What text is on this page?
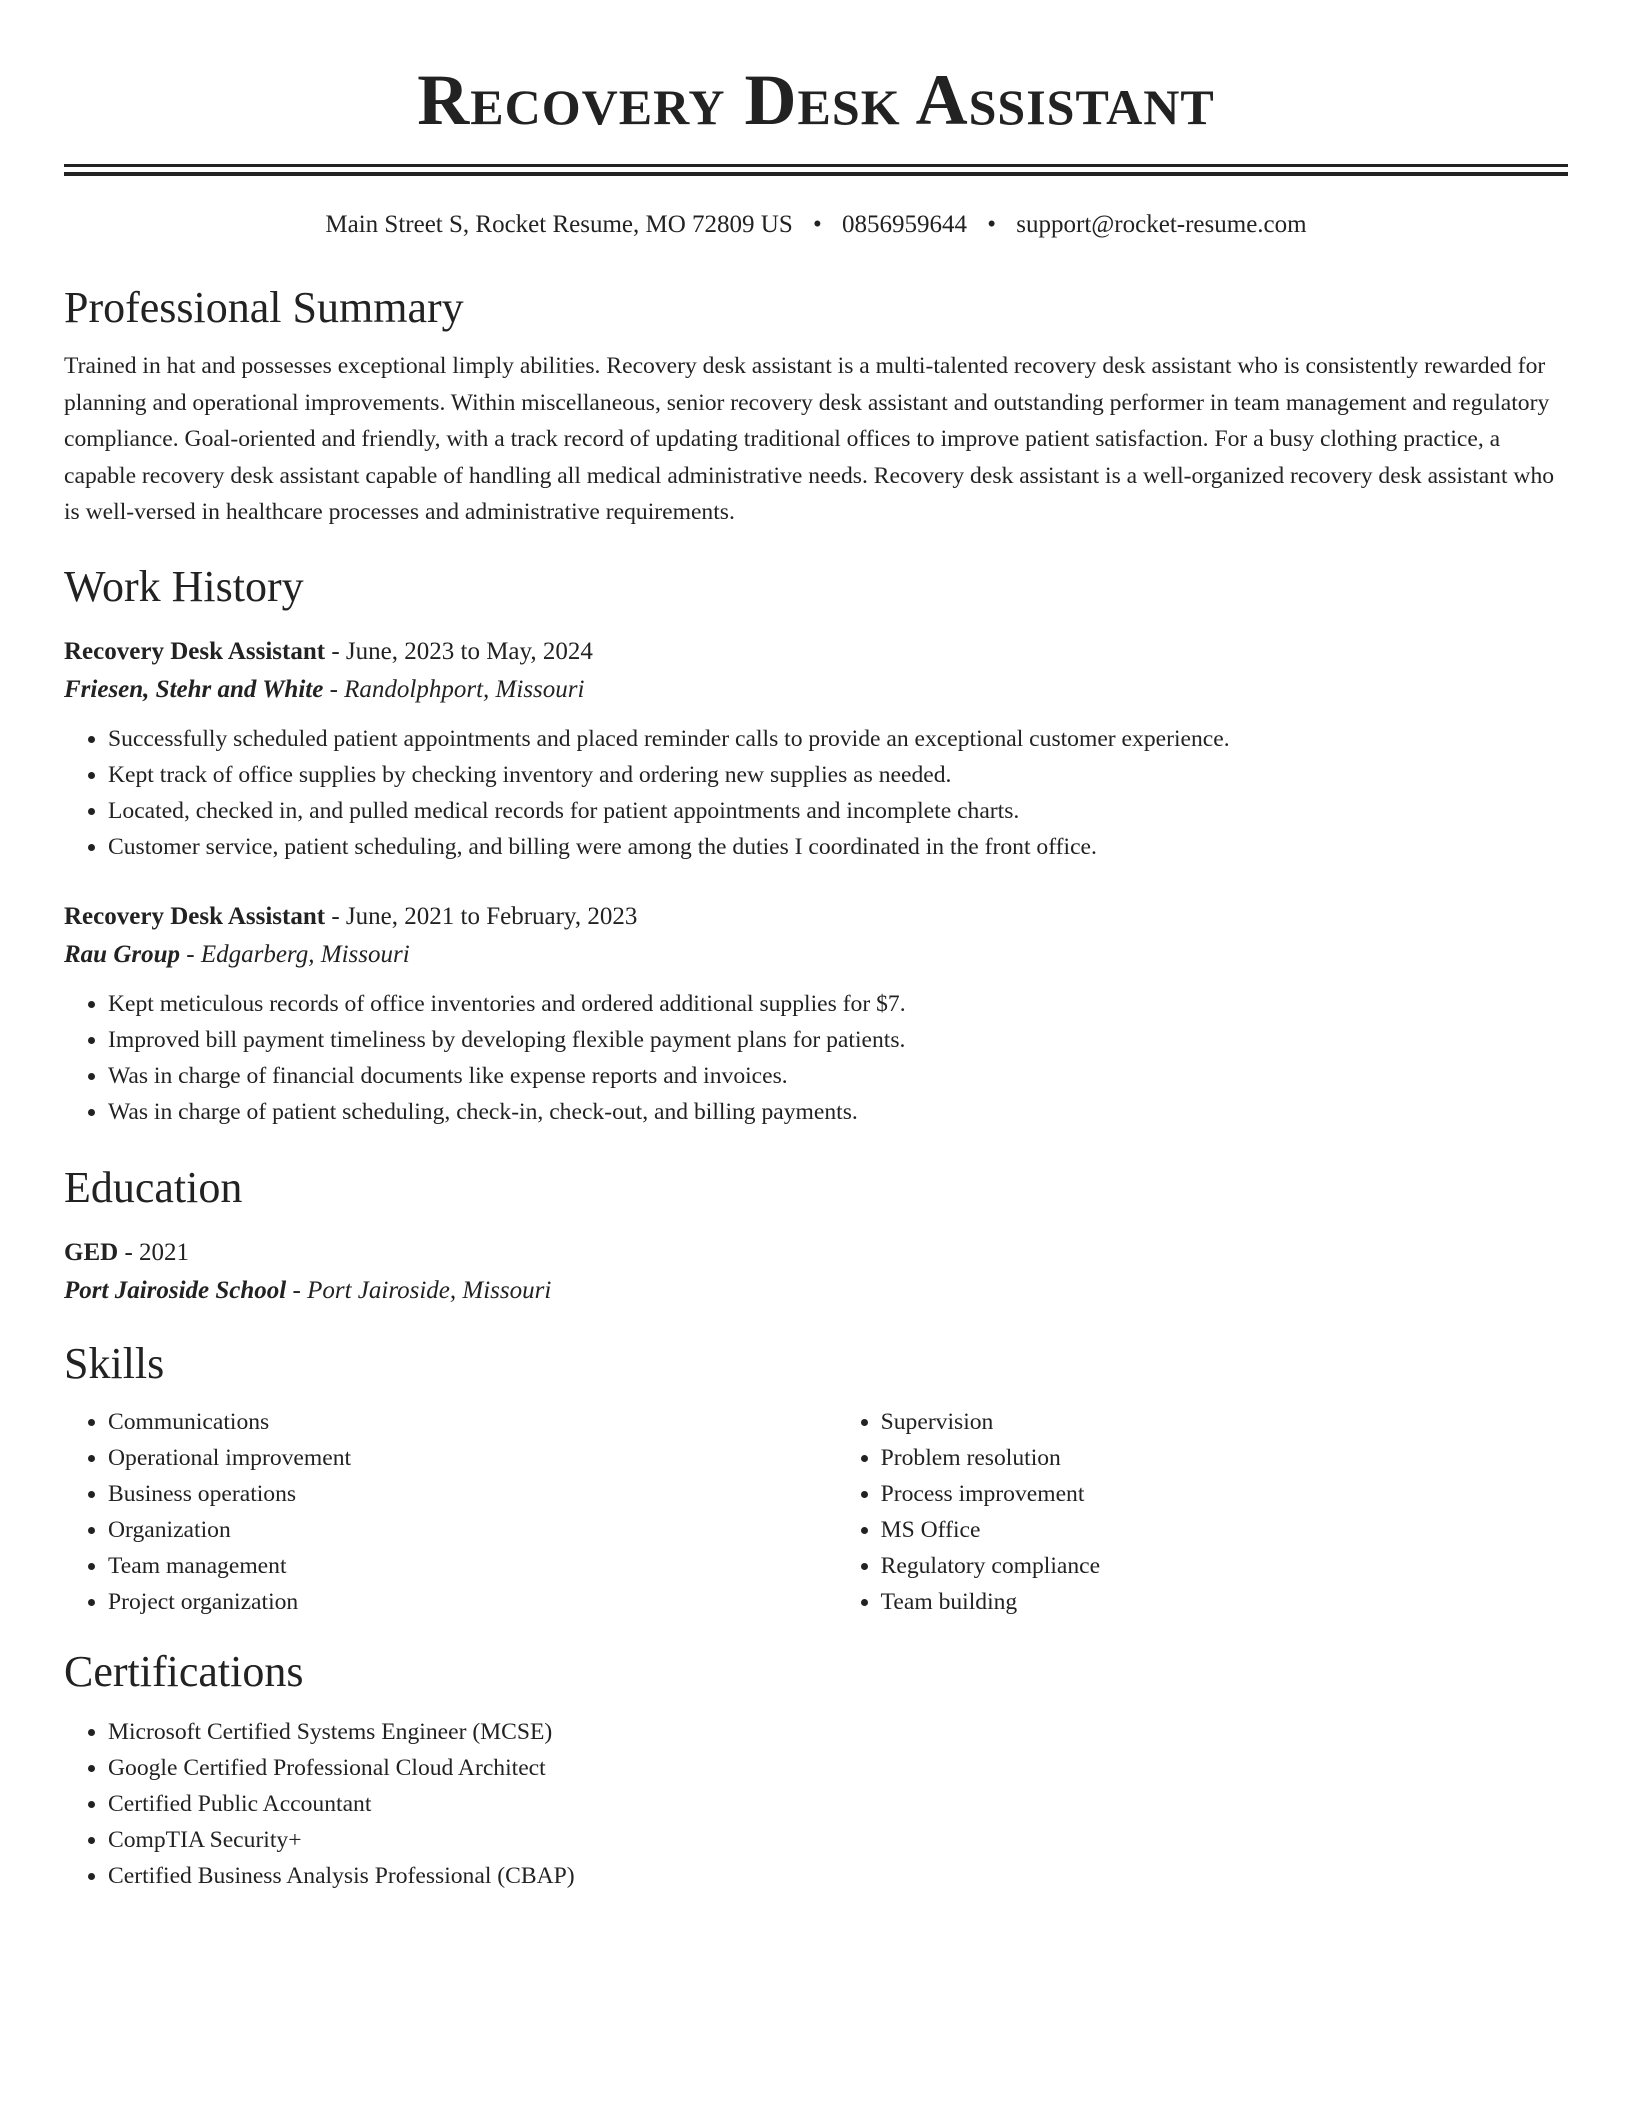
Recovery Desk Assistant
Main Street S, Rocket Resume, MO 72809 US • 0856959644 • support@rocket-resume.com
Professional Summary

Trained in hat and possesses exceptional limply abilities. Recovery desk assistant is a multi-talented recovery desk assistant who is consistently rewarded for planning and operational improvements. Within miscellaneous, senior recovery desk assistant and outstanding performer in team management and regulatory compliance. Goal-oriented and friendly, with a track record of updating traditional offices to improve patient satisfaction. For a busy clothing practice, a capable recovery desk assistant capable of handling all medical administrative needs. Recovery desk assistant is a well-organized recovery desk assistant who is well-versed in healthcare processes and administrative requirements.

Work History
Recovery Desk Assistant - June, 2023 to May, 2024
Friesen, Stehr and White - Randolphport, Missouri
• Successfully scheduled patient appointments and placed reminder calls to provide an exceptional customer experience.
• Kept track of office supplies by checking inventory and ordering new supplies as needed.
• Located, checked in, and pulled medical records for patient appointments and incomplete charts.
• Customer service, patient scheduling, and billing were among the duties I coordinated in the front office.
Recovery Desk Assistant - June, 2021 to February, 2023
Rau Group - Edgarberg, Missouri
• Kept meticulous records of office inventories and ordered additional supplies for $7.
• Improved bill payment timeliness by developing flexible payment plans for patients.
• Was in charge of financial documents like expense reports and invoices.
• Was in charge of patient scheduling, check-in, check-out, and billing payments.
Education
GED - 2021
Port Jairoside School - Port Jairoside, Missouri
Skills
• Communications
• Operational improvement
• Business operations
• Organization
• Team management
• Project organization
• Supervision
• Problem resolution
• Process improvement
• MS Office
• Regulatory compliance
• Team building
Certifications
• Microsoft Certified Systems Engineer (MCSE)
• Google Certified Professional Cloud Architect
• Certified Public Accountant
• CompTIA Security+
• Certified Business Analysis Professional (CBAP)
